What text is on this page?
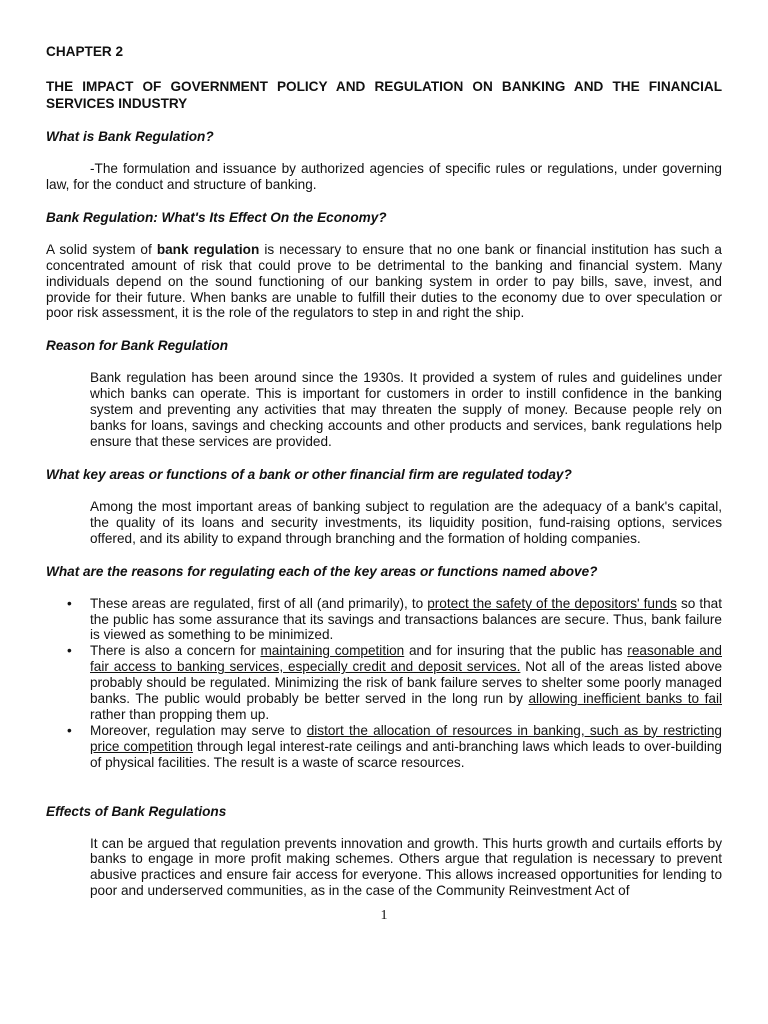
CHAPTER 2
THE IMPACT OF GOVERNMENT POLICY AND REGULATION ON BANKING AND THE FINANCIAL SERVICES INDUSTRY
What is Bank Regulation?

-The formulation and issuance by authorized agencies of specific rules or regulations, under governing law, for the conduct and structure of banking.

Bank Regulation: What's Its Effect On the Economy?

A solid system of bank regulation is necessary to ensure that no one bank or financial institution has such a concentrated amount of risk that could prove to be detrimental to the banking and financial system. Many individuals depend on the sound functioning of our banking system in order to pay bills, save, invest, and provide for their future. When banks are unable to fulfill their duties to the economy due to over speculation or poor risk assessment, it is the role of the regulators to step in and right the ship.

Reason for Bank Regulation

Bank regulation has been around since the 1930s. It provided a system of rules and guidelines under which banks can operate. This is important for customers in order to instill confidence in the banking system and preventing any activities that may threaten the supply of money. Because people rely on banks for loans, savings and checking accounts and other products and services, bank regulations help ensure that these services are provided.

What key areas or functions of a bank or other financial firm are regulated today?

Among the most important areas of banking subject to regulation are the adequacy of a bank's capital, the quality of its loans and security investments, its liquidity position, fund-raising options, services offered, and its ability to expand through branching and the formation of holding companies.

What are the reasons for regulating each of the key areas or functions named above?
• These areas are regulated, first of all (and primarily), to protect the safety of the depositors' funds so that the public has some assurance that its savings and transactions balances are secure. Thus, bank failure is viewed as something to be minimized.
• There is also a concern for maintaining competition and for insuring that the public has reasonable and fair access to banking services, especially credit and deposit services. Not all of the areas listed above probably should be regulated. Minimizing the risk of bank failure serves to shelter some poorly managed banks. The public would probably be better served in the long run by allowing inefficient banks to fail rather than propping them up.
• Moreover, regulation may serve to distort the allocation of resources in banking, such as by restricting price competition through legal interest-rate ceilings and anti-branching laws which leads to over-building of physical facilities. The result is a waste of scarce resources.
Effects of Bank Regulations

It can be argued that regulation prevents innovation and growth. This hurts growth and curtails efforts by banks to engage in more profit making schemes. Others argue that regulation is necessary to prevent abusive practices and ensure fair access for everyone. This allows increased opportunities for lending to poor and underserved communities, as in the case of the Community Reinvestment Act of

1
